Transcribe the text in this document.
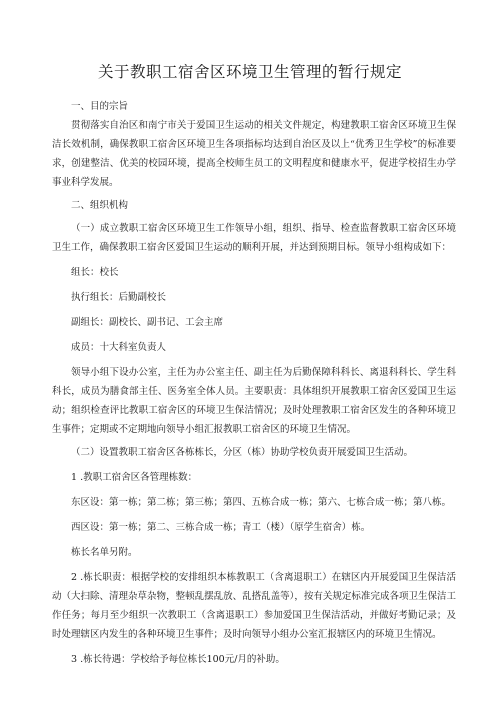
关于教职工宿舍区环境卫生管理的暂行规定

一、目的宗旨

贯彻落实自治区和南宁市关于爱国卫生运动的相关文件规定，构建教职工宿舍区环境卫生保洁长效机制，确保教职工宿舍区环境卫生各项指标均达到自治区及以上“优秀卫生学校”的标准要求，创建整洁、优美的校园环境，提高全校师生员工的文明程度和健康水平，促进学校招生办学事业科学发展。

二、组织机构

（一）成立教职工宿舍区环境卫生工作领导小组，组织、指导、检查监督教职工宿舍区环境卫生工作，确保教职工宿舍区爱国卫生运动的顺利开展，并达到预期目标。领导小组构成如下：

组长：校长

执行组长：后勤副校长

副组长：副校长、副书记、工会主席

成员：十大科室负责人

领导小组下设办公室，主任为办公室主任、副主任为后勤保障科科长、离退科科长、学生科科长，成员为膳食部主任、医务室全体人员。主要职责：具体组织开展教职工宿舍区爱国卫生运动；组织检查评比教职工宿舍区的环境卫生保洁情况；及时处理教职工宿舍区发生的各种环境卫生事件；定期或不定期地向领导小组汇报教职工宿舍区的环境卫生情况。

（二）设置教职工宿舍区各栋栋长，分区（栋）协助学校负责开展爱国卫生活动。

1 .教职工宿舍区各管理栋数：

东区设：第一栋；第二栋；第三栋；第四、五栋合成一栋；第六、七栋合成一栋；第八栋。

西区设：第一栋；第二、三栋合成一栋；青工（楼）（原学生宿舍）栋。

栋长名单另附。

2 .栋长职责：根据学校的安排组织本栋教职工（含离退职工）在辖区内开展爱国卫生保洁活动（大扫除、清理杂草杂物，整顿乱摆乱放、乱搭乱盖等），按有关规定标准完成各项卫生保洁工作任务；每月至少组织一次教职工（含离退职工）参加爱国卫生保洁活动，并做好考勤记录；及时处理辖区内发生的各种环境卫生事件；及时向领导小组办公室汇报辖区内的环境卫生情况。

3 .栋长待遇：学校给予每位栋长100元/月的补助。
